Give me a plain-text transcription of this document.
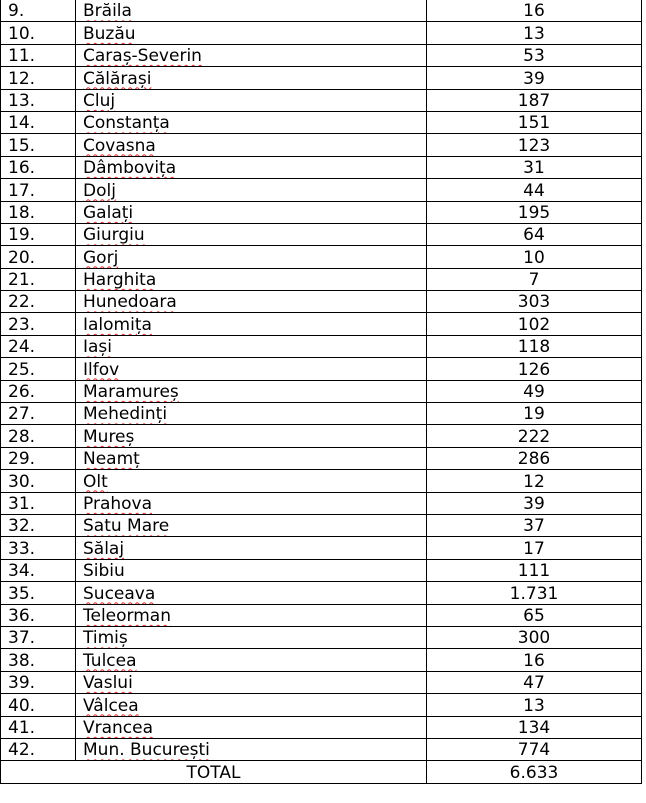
9.	Brăila	16
10.	Buzău	13
11.	Caraș-Severin	53
12.	Călărași	39
13.	Cluj	187
14.	Constanța	151
15.	Covasna	123
16.	Dâmbovița	31
17.	Dolj	44
18.	Galați	195
19.	Giurgiu	64
20.	Gorj	10
21.	Harghita	7
22.	Hunedoara	303
23.	Ialomița	102
24.	Iași	118
25.	Ilfov	126
26.	Maramureș	49
27.	Mehedinți	19
28.	Mureș	222
29.	Neamț	286
30.	Olt	12
31.	Prahova	39
32.	Satu Mare	37
33.	Sălaj	17
34.	Sibiu	111
35.	Suceava	1.731
36.	Teleorman	65
37.	Timiș	300
38.	Tulcea	16
39.	Vaslui	47
40.	Vâlcea	13
41.	Vrancea	134
42.	Mun. București	774
TOTAL		6.633
